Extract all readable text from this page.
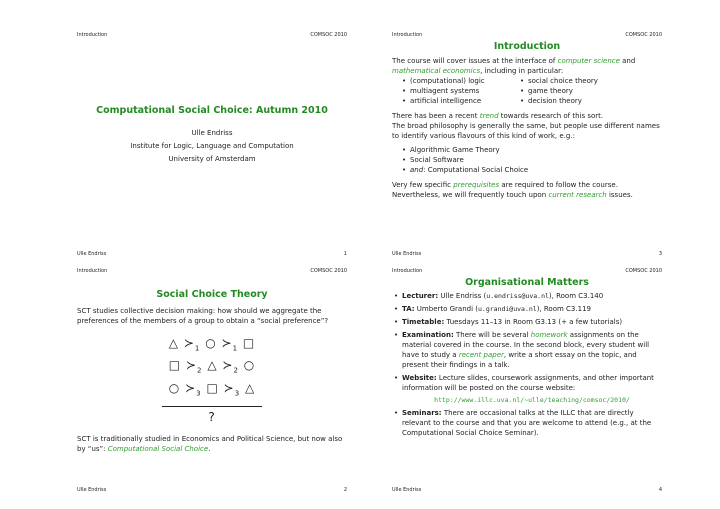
Introduction	COMSOC 2010
Computational Social Choice: Autumn 2010
Ulle Endriss
Institute for Logic, Language and Computation
University of Amsterdam
Ulle Endriss	1
Introduction	COMSOC 2010
Introduction

The course will cover issues at the interface of computer science and mathematical economics, including in particular:

• (computational) logic
• multiagent systems
• artificial intelligence
• social choice theory
• game theory
• decision theory

There has been a recent trend towards research of this sort.

The broad philosophy is generally the same, but people use different names to identify various flavours of this kind of work, e.g.:

• Algorithmic Game Theory
• Social Software
• and: Computational Social Choice

Very few specific prerequisites are required to follow the course.

Nevertheless, we will frequently touch upon current research issues.

Ulle Endriss	3
Introduction	COMSOC 2010
Social Choice Theory

SCT studies collective decision making: how should we aggregate the preferences of the members of a group to obtain a “social preference”?

△ $≻_1$ ○ $≻_1$ □
□ $≻_2$ △ $≻_2$ ○
○ $≻_3$ □ $≻_3$ △
?

SCT is traditionally studied in Economics and Political Science, but now also by “us”: Computational Social Choice.

Ulle Endriss	2
Introduction	COMSOC 2010
Organisational Matters
• Lecturer: Ulle Endriss (u.endriss@uva.nl), Room C3.140
• TA: Umberto Grandi (u.grandi@uva.nl), Room C3.119
• Timetable: Tuesdays 11–13 in Room G3.13 (+ a few tutorials)
• Examination: There will be several homework assignments on the material covered in the course. In the second block, every student will have to study a recent paper, write a short essay on the topic, and present their findings in a talk.
• Website: Lecture slides, coursework assignments, and other important information will be posted on the course website:
http://www.illc.uva.nl/~ulle/teaching/comsoc/2010/
• Seminars: There are occasional talks at the ILLC that are directly relevant to the course and that you are welcome to attend (e.g., at the Computational Social Choice Seminar).
Ulle Endriss	4
